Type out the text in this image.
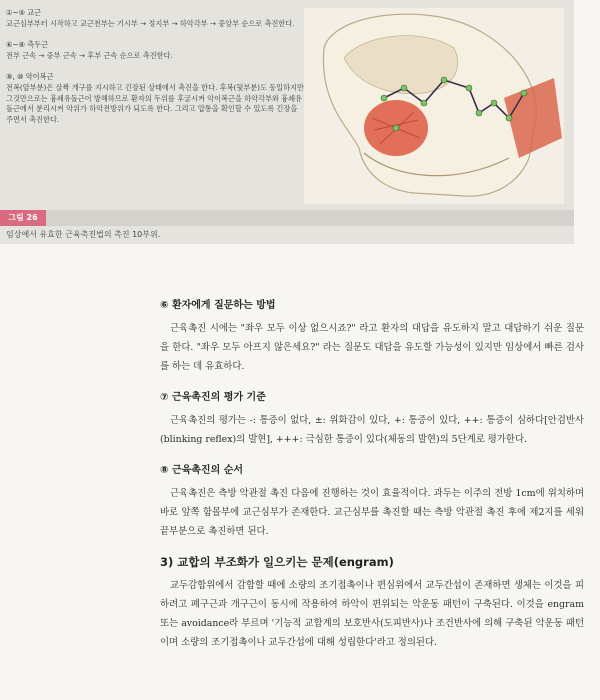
①~⑤ 교근

교근심부부터 시작하고 교근천부는 기시부 → 정지부 → 하악각부 → 중앙부 순으로 촉진한다.

⑥~⑧ 측두근

전부 근속 → 중부 근속 → 후부 근속 순으로 촉진한다.

⑨, ⑩ 악이복근

전복(앞부분)은 살짝 개구를 지시하고 긴장된 상태에서 촉진을 한다. 후복(뒷부분)도 동일하지만 그것만으로는 흉쇄유돌근이 방해하므로 환자의 두위를 후굴시켜 악이복근을 하악각부와 흉쇄유돌근에서 분리시켜 악위가 하악전방위가 되도록 한다. 그리고 압통을 확인할 수 있도록 긴장을 주면서 촉진한다.

그림 26
임상에서 유효한 근육촉진법의 촉진 10부위.
⑥ 환자에게 질문하는 방법

근육촉진 시에는 "좌우 모두 이상 없으시죠?" 라고 환자의 대답을 유도하지 말고 대답하기 쉬운 질문을 한다. "좌우 모두 아프지 않은세요?" 라는 질문도 대답을 유도할 가능성이 있지만 임상에서 빠른 검사를 하는 데 유효하다.

⑦ 근육촉진의 평가 기준

근육촉진의 평가는 -: 통증이 없다, ±: 위화감이 있다, +: 통증이 있다, ++: 통증이 심하다[안검반사(blinking reflex)의 발현], +++: 극심한 통증이 있다(체동의 발현)의 5단계로 평가한다.

⑧ 근육촉진의 순서

근육촉진은 측방 악관절 촉진 다음에 진행하는 것이 효율적이다. 과두는 이주의 전방 1cm에 위치하며 바로 앞쪽 함몰부에 교근심부가 존재한다. 교근심부를 촉진할 때는 측방 악관절 촉진 후에 제2지를 세워 끝부분으로 촉진하면 된다.

3) 교합의 부조화가 일으키는 문제(engram)

교두감합위에서 감합할 때에 소량의 조기접촉이나 편심위에서 교두간섭이 존재하면 생체는 이것을 피하려고 폐구근과 개구근이 동시에 작용하여 하악이 편위되는 악운동 패턴이 구축된다. 이것을 engram 또는 avoidance라 부르며 '기능적 교합계의 보호반사(도피반사)나 조건반사에 의해 구축된 악운동 패턴이며 소량의 조기접촉이나 교두간섭에 대해 성립한다'라고 정의된다.
